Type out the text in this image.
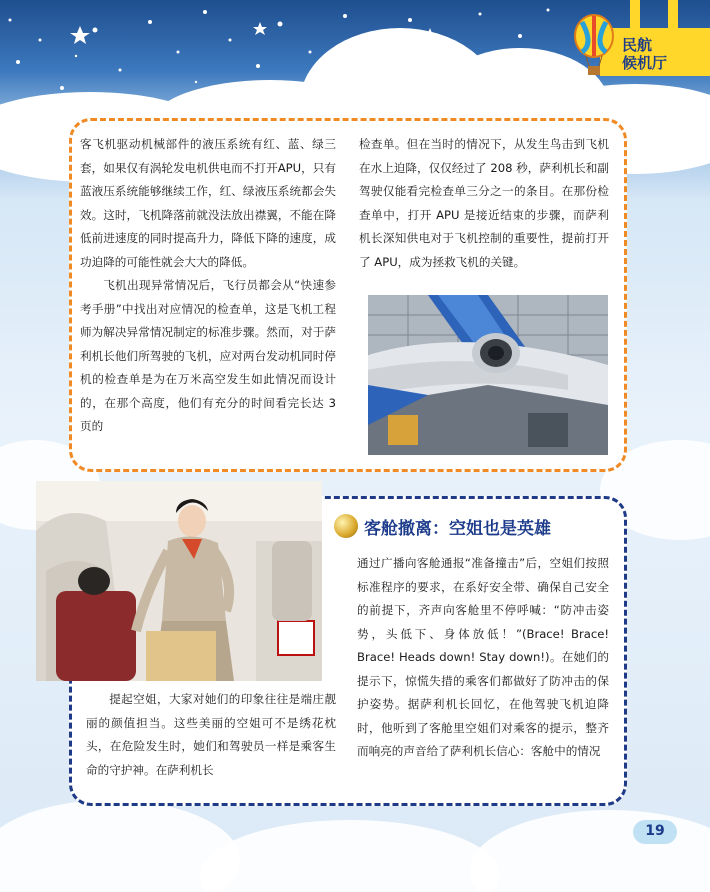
民航
候机厅

客飞机驱动机械部件的液压系统有红、蓝、绿三套，如果仅有涡轮发电机供电而不打开APU，只有蓝液压系统能够继续工作，红、绿液压系统都会失效。这时，飞机降落前就没法放出襟翼，不能在降低前进速度的同时提高升力，降低下降的速度，成功迫降的可能性就会大大的降低。

飞机出现异常情况后，飞行员都会从“快速参考手册”中找出对应情况的检查单，这是飞机工程师为解决异常情况制定的标准步骤。然而，对于萨利机长他们所驾驶的飞机，应对两台发动机同时停机的检查单是为在万米高空发生如此情况而设计的，在那个高度，他们有充分的时间看完长达 3 页的

检查单。但在当时的情况下，从发生鸟击到飞机在水上迫降，仅仅经过了 208 秒，萨利机长和副驾驶仅能看完检查单三分之一的条目。在那份检查单中，打开 APU 是接近结束的步骤，而萨利机长深知供电对于飞机控制的重要性，提前打开了 APU，成为拯救飞机的关键。

客舱撤离：空姐也是英雄

通过广播向客舱通报“准备撞击”后，空姐们按照标准程序的要求，在系好安全带、确保自己安全的前提下，齐声向客舱里不停呼喊：“防冲击姿势，头低下、身体放低！”(Brace! Brace! Brace! Heads down! Stay down!)。在她们的提示下，惊慌失措的乘客们都做好了防冲击的保护姿势。据萨利机长回忆，在他驾驶飞机迫降时，他听到了客舱里空姐们对乘客的提示，整齐而响亮的声音给了萨利机长信心：客舱中的情况

提起空姐，大家对她们的印象往往是端庄靓丽的颜值担当。这些美丽的空姐可不是绣花枕头，在危险发生时，她们和驾驶员一样是乘客生命的守护神。在萨利机长

19
